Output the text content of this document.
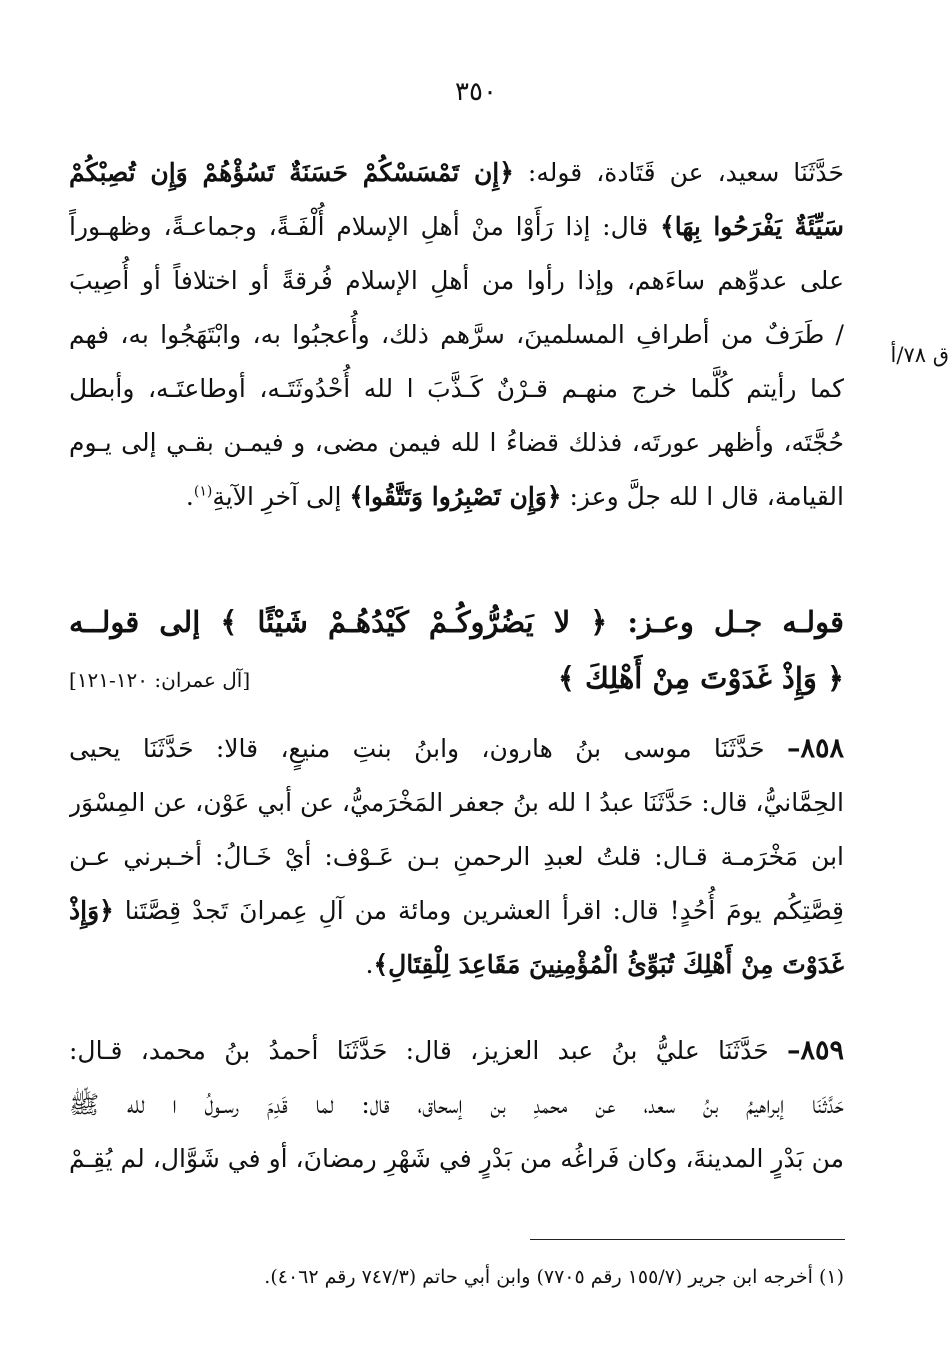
٣٥٠
ق ٧٨/أ
حَدَّثَنَا سعيد، عن قَتَادة، قوله: ﴿إِن تَمْسَسْكُمْ حَسَنَةٌ تَسُؤْهُمْ وَإِن تُصِبْكُمْ
سَيِّئَةٌ يَفْرَحُوا بِهَا﴾ قال: إذا رَأَوْا منْ أهلِ الإسلام أُلْفَـةً، وجماعـةً، وظهـوراً
على عدوِّهم ساءَهم، وإذا رأوا من أهلِ الإسلام فُرقةً أو اختلافاً أو أُصِيبَ
/ طَرَفٌ من أطرافِ المسلمينَ، سرَّهم ذلك، وأُعجبُوا به، وابْتَهَجُوا به، فهم
كما رأيتم كُلَّما خرج منهـم قـرْنٌ كَـذَّبَ ا لله أُحْدُوثَتَـه، أوطاعتَـه، وأبطل
حُجَّتَه، وأظهر عورتَه، فذلك قضاءُ ا لله فيمن مضى، و فيمـن بقـي إلى يـوم
القيامة، قال ا لله جلَّ وعز: ﴿وَإِن تَصْبِرُوا وَتَتَّقُوا﴾ إلى آخرِ الآيةِ$^{(١)}$.
قولـه جـل وعـز: ﴿ لا يَضُرُّوكُـمْ كَيْدُهُـمْ شَيْئًا ﴾ إلى قولــه
﴿ وَإِذْ غَدَوْتَ مِنْ أَهْلِكَ ﴾
[آل عمران: ١٢٠-١٢١]
٨٥٨– حَدَّثَنَا موسى بنُ هارون، وابنُ بنتِ منيعٍ، قالا: حَدَّثَنَا يحيى
الحِمَّانيُّ، قال: حَدَّثَنَا عبدُ ا لله بنُ جعفر المَخْرَميُّ، عن أبي عَوْن، عن المِسْوَر
ابن مَخْرَمـة قـال: قلتُ لعبدِ الرحمنِ بـن عَـوْف: أيْ خَـالُ: أخـبرني عـن
قِصَّتِكُم يومَ أُحُدٍ! قال: اقرأ العشرين ومائة من آلِ عِمرانَ تَجدْ قِصَّتَنا ﴿وَإِذْ
غَدَوْتَ مِنْ أَهْلِكَ تُبَوِّئُ الْمُؤْمِنِينَ مَقَاعِدَ لِلْقِتَالِ﴾.
٨٥٩– حَدَّثَنَا عليُّ بنُ عبد العزيز، قال: حَدَّثَنَا أحمدُ بنُ محمد، قـال:
حَدَّثَنَا إبراهيمُ بنُ سعد، عن محمدِ بن إسحاق، قال: لما قَدِمَ رسـولُ ا لله ﷺ
من بَدْرٍ المدينةَ، وكان فَراغُه من بَدْرٍ في شَهْرِ رمضانَ، أو في شَوَّال، لم يُقِـمْ
(١) أخرجه ابن جرير (١٥٥/٧ رقم ٧٧٠٥) وابن أبي حاتم (٧٤٧/٣ رقم ٤٠٦٢).
